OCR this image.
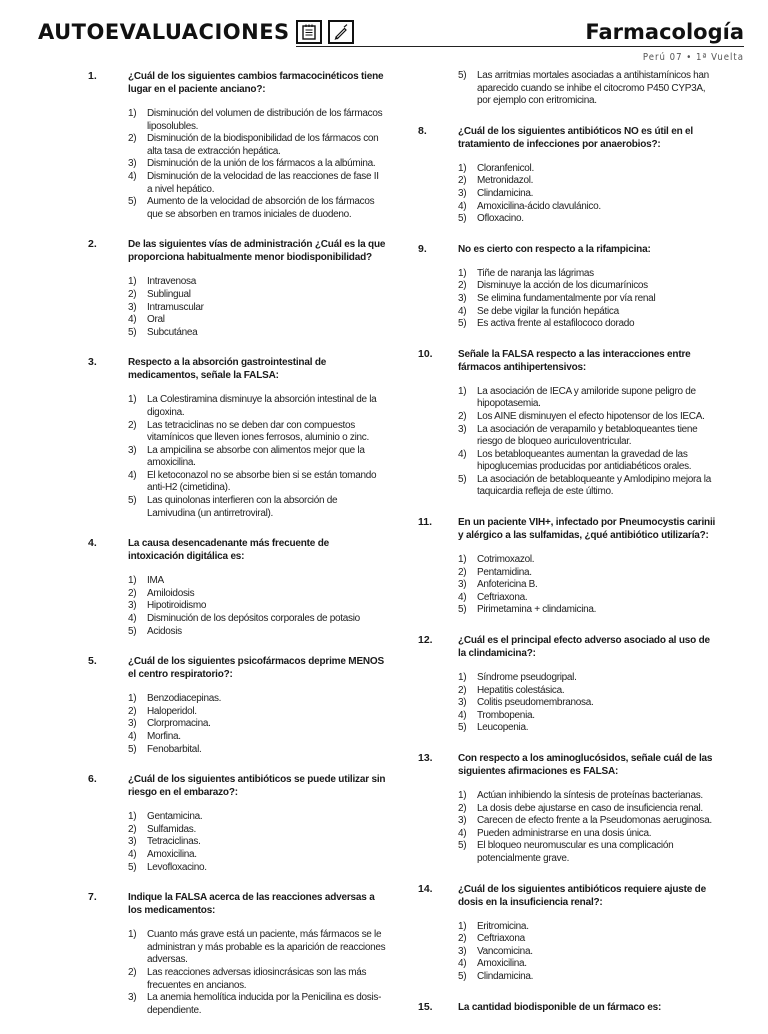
AUTOEVALUACIONES	Farmacología
Perú 07 • 1ª Vuelta
1.	¿Cuál de los siguientes cambios farmacocinéticos tiene lugar en el paciente anciano?:
1)	Disminución del volumen de distribución de los fármacos liposolubles.
2)	Disminución de la biodisponibilidad de los fármacos con alta tasa de extracción hepática.
3)	Disminución de la unión de los fármacos a la albúmina.
4)	Disminución de la velocidad de las reacciones de fase II a nivel hepático.
5)	Aumento de la velocidad de absorción de los fármacos que se absorben en tramos iniciales de duodeno.
2.	De las siguientes vías de administración ¿Cuál es la que proporciona habitualmente menor biodisponibilidad?
1)	Intravenosa
2)	Sublingual
3)	Intramuscular
4)	Oral
5)	Subcutánea
3.	Respecto a la absorción gastrointestinal de medicamentos, señale la FALSA:
1)	La Colestiramina disminuye la absorción intestinal de la digoxina.
2)	Las tetraciclinas no se deben dar con compuestos vitamínicos que lleven iones ferrosos, aluminio o zinc.
3)	La ampicilina se absorbe con alimentos mejor que la amoxicilina.
4)	El ketoconazol no se absorbe bien si se están tomando anti-H2 (cimetidina).
5)	Las quinolonas interfieren con la absorción de Lamivudina (un antirretroviral).
4.	La causa desencadenante más frecuente de intoxicación digitálica es:
1)	IMA
2)	Amiloidosis
3)	Hipotiroidismo
4)	Disminución de los depósitos corporales de potasio
5)	Acidosis
5.	¿Cuál de los siguientes psicofármacos deprime MENOS el centro respiratorio?:
1)	Benzodiacepinas.
2)	Haloperidol.
3)	Clorpromacina.
4)	Morfina.
5)	Fenobarbital.
6.	¿Cuál de los siguientes antibióticos se puede utilizar sin riesgo en el embarazo?:
1)	Gentamicina.
2)	Sulfamidas.
3)	Tetraciclinas.
4)	Amoxicilina.
5)	Levofloxacino.
7.	Indique la FALSA acerca de las reacciones adversas a los medicamentos:
1)	Cuanto más grave está un paciente, más fármacos se le administran y más probable es la aparición de reacciones adversas.
2)	Las reacciones adversas idiosincrásicas son las más frecuentes en ancianos.
3)	La anemia hemolítica inducida por la Penicilina es dosis-dependiente.
5)	Las arritmias mortales asociadas a antihistamínicos han aparecido cuando se inhibe el citocromo P450 CYP3A, por ejemplo con eritromicina.
8.	¿Cuál de los siguientes antibióticos NO es útil en el tratamiento de infecciones por anaerobios?:
1)	Cloranfenicol.
2)	Metronidazol.
3)	Clindamicina.
4)	Amoxicilina-ácido clavulánico.
5)	Ofloxacino.
9.	No es cierto con respecto a la rifampicina:
1)	Tiñe de naranja las lágrimas
2)	Disminuye la acción de los dicumarínicos
3)	Se elimina fundamentalmente por vía renal
4)	Se debe vigilar la función hepática
5)	Es activa frente al estafilococo dorado
10.	Señale la FALSA respecto a las interacciones entre fármacos antihipertensivos:
1)	La asociación de IECA y amiloride supone peligro de hipopotasemia.
2)	Los AINE disminuyen el efecto hipotensor de los IECA.
3)	La asociación de verapamilo y betabloqueantes tiene riesgo de bloqueo auriculoventricular.
4)	Los betabloqueantes aumentan la gravedad de las hipoglucemias producidas por antidiabéticos orales.
5)	La asociación de betabloqueante y Amlodipino mejora la taquicardia refleja de este último.
11.	En un paciente VIH+, infectado por Pneumocystis carinii y alérgico a las sulfamidas, ¿qué antibiótico utilizaría?:
1)	Cotrimoxazol.
2)	Pentamidina.
3)	Anfotericina B.
4)	Ceftriaxona.
5)	Pirimetamina + clindamicina.
12.	¿Cuál es el principal efecto adverso asociado al uso de la clindamicina?:
1)	Síndrome pseudogripal.
2)	Hepatitis colestásica.
3)	Colitis pseudomembranosa.
4)	Trombopenia.
5)	Leucopenia.
13.	Con respecto a los aminoglucósidos, señale cuál de las siguientes afirmaciones es FALSA:
1)	Actúan inhibiendo la síntesis de proteínas bacterianas.
2)	La dosis debe ajustarse en caso de insuficiencia renal.
3)	Carecen de efecto frente a la Pseudomonas aeruginosa.
4)	Pueden administrarse en una dosis única.
5)	El bloqueo neuromuscular es una complicación potencialmente grave.
14.	¿Cuál de los siguientes antibióticos requiere ajuste de dosis en la insuficiencia renal?:
1)	Eritromicina.
2)	Ceftriaxona
3)	Vancomicina.
4)	Amoxicilina.
5)	Clindamicina.
15.	La cantidad biodisponible de un fármaco es:
